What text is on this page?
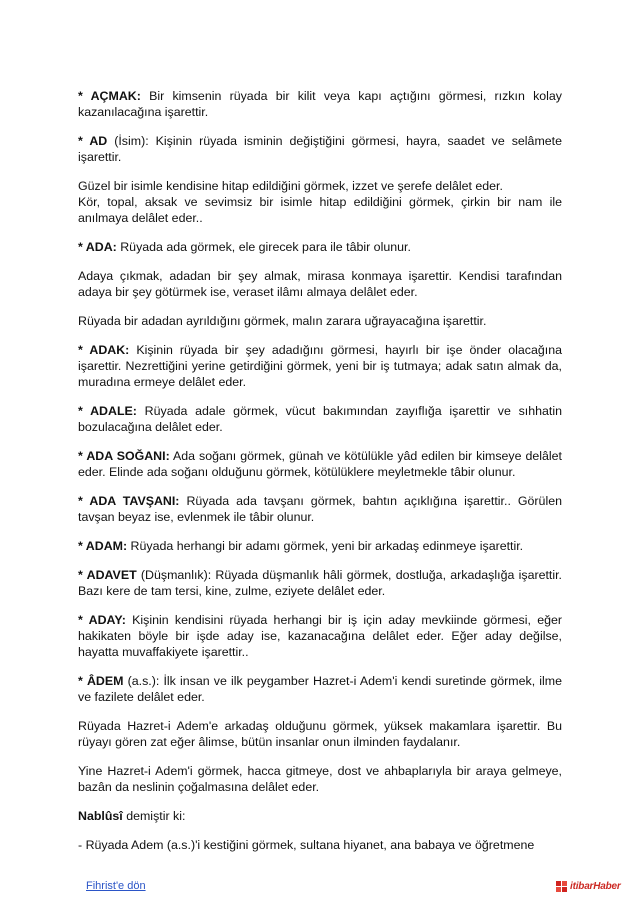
* AÇMAK: Bir kimsenin rüyada bir kilit veya kapı açtığını görmesi, rızkın kolay kazanılacağına işarettir.

* AD (İsim): Kişinin rüyada isminin değiştiğini görmesi, hayra, saadet ve selâmete işarettir.

Güzel bir isimle kendisine hitap edildiğini görmek, izzet ve şerefe delâlet eder.

Kör, topal, aksak ve sevimsiz bir isimle hitap edildiğini görmek, çirkin bir nam ile anılmaya delâlet eder..

* ADA: Rüyada ada görmek, ele girecek para ile tâbir olunur.

Adaya çıkmak, adadan bir şey almak, mirasa konmaya işarettir. Kendisi tarafından adaya bir şey götürmek ise, veraset ilâmı almaya delâlet eder.

Rüyada bir adadan ayrıldığını görmek, malın zarara uğrayacağına işarettir.

* ADAK: Kişinin rüyada bir şey adadığını görmesi, hayırlı bir işe önder olacağına işarettir. Nezrettiğini yerine getirdiğini görmek, yeni bir iş tutmaya; adak satın almak da, muradına ermeye delâlet eder.

* ADALE: Rüyada adale görmek, vücut bakımından zayıflığa işarettir ve sıhhatin bozulacağına delâlet eder.

* ADA SOĞANI: Ada soğanı görmek, günah ve kötülükle yâd edilen bir kimseye delâlet eder. Elinde ada soğanı olduğunu görmek, kötülüklere meyletmekle tâbir olunur.

* ADA TAVŞANI: Rüyada ada tavşanı görmek, bahtın açıklığına işarettir.. Görülen tavşan beyaz ise, evlenmek ile tâbir olunur.

* ADAM: Rüyada herhangi bir adamı görmek, yeni bir arkadaş edinmeye işarettir.

* ADAVET (Düşmanlık): Rüyada düşmanlık hâli görmek, dostluğa, arkadaşlığa işarettir. Bazı kere de tam tersi, kine, zulme, eziyete delâlet eder.

* ADAY: Kişinin kendisini rüyada herhangi bir iş için aday mevkiinde görmesi, eğer hakikaten böyle bir işde aday ise, kazanacağına delâlet eder. Eğer aday değilse, hayatta muvaffakiyete işarettir..

* ÂDEM (a.s.): İlk insan ve ilk peygamber Hazret-i Adem'i kendi suretinde görmek, ilme ve fazilete delâlet eder.

Rüyada Hazret-i Adem'e arkadaş olduğunu görmek, yüksek makamlara işarettir. Bu rüyayı gören zat eğer âlimse, bütün insanlar onun ilminden faydalanır.

Yine Hazret-i Adem'i görmek, hacca gitmeye, dost ve ahbaplarıyla bir araya gelmeye, bazân da neslinin çoğalmasına delâlet eder.

Nablûsî demiştir ki:

- Rüyada Adem (a.s.)'i kestiğini görmek, sultana hiyanet, ana babaya ve öğretmene

Fihrist'e dön	itibarHaber
